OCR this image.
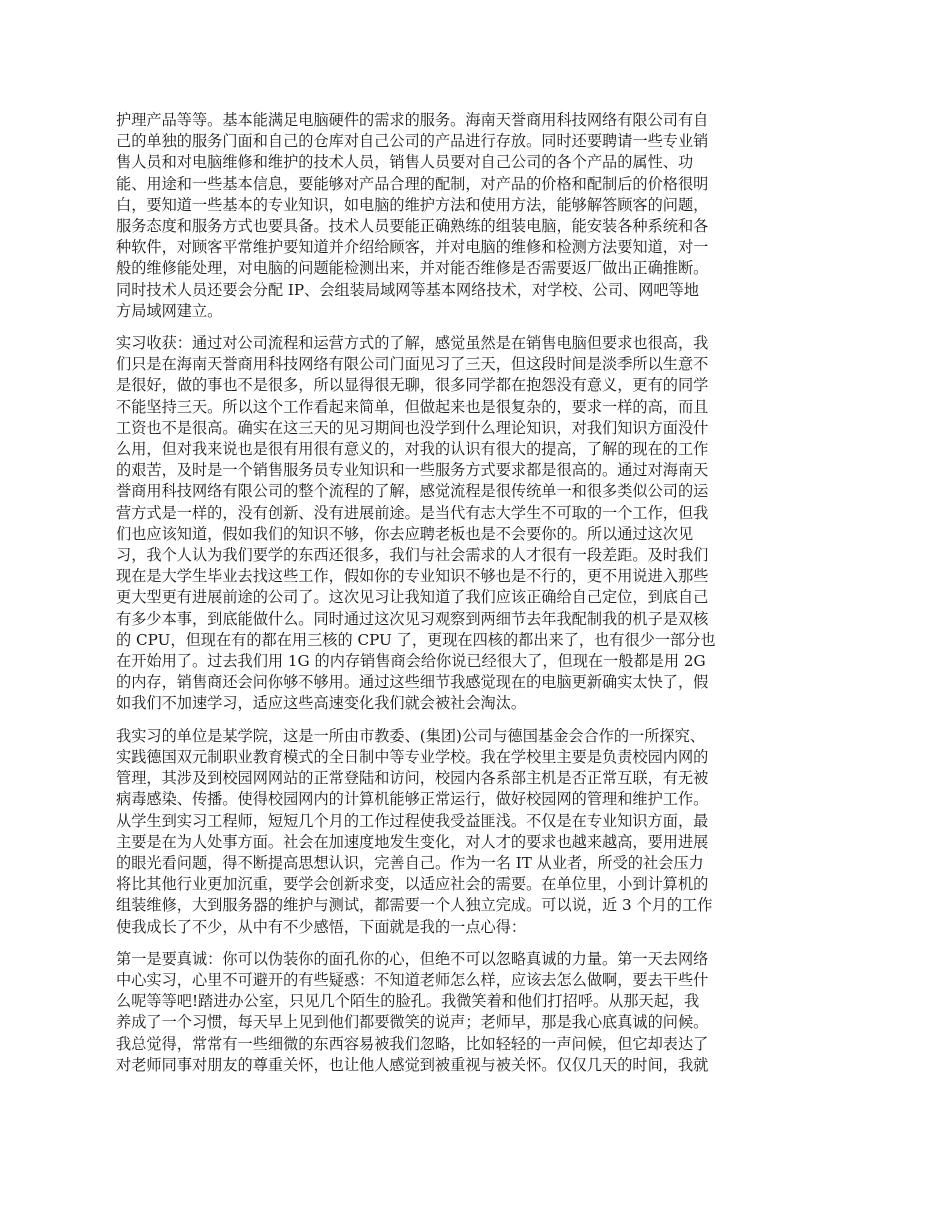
护理产品等等。基本能满足电脑硬件的需求的服务。海南天誉商用科技网络有限公司有自
己的单独的服务门面和自己的仓库对自己公司的产品进行存放。同时还要聘请一些专业销
售人员和对电脑维修和维护的技术人员，销售人员要对自己公司的各个产品的属性、功
能、用途和一些基本信息，要能够对产品合理的配制，对产品的价格和配制后的价格很明
白，要知道一些基本的专业知识，如电脑的维护方法和使用方法，能够解答顾客的问题，
服务态度和服务方式也要具备。技术人员要能正确熟练的组装电脑，能安装各种系统和各
种软件，对顾客平常维护要知道并介绍给顾客，并对电脑的维修和检测方法要知道，对一
般的维修能处理，对电脑的问题能检测出来，并对能否维修是否需要返厂做出正确推断。
同时技术人员还要会分配 IP、会组装局域网等基本网络技术，对学校、公司、网吧等地
方局域网建立。
实习收获：通过对公司流程和运营方式的了解，感觉虽然是在销售电脑但要求也很高，我
们只是在海南天誉商用科技网络有限公司门面见习了三天，但这段时间是淡季所以生意不
是很好，做的事也不是很多，所以显得很无聊，很多同学都在抱怨没有意义，更有的同学
不能坚持三天。所以这个工作看起来简单，但做起来也是很复杂的，要求一样的高，而且
工资也不是很高。确实在这三天的见习期间也没学到什么理论知识，对我们知识方面没什
么用，但对我来说也是很有用很有意义的，对我的认识有很大的提高，了解的现在的工作
的艰苦，及时是一个销售服务员专业知识和一些服务方式要求都是很高的。通过对海南天
誉商用科技网络有限公司的整个流程的了解，感觉流程是很传统单一和很多类似公司的运
营方式是一样的，没有创新、没有进展前途。是当代有志大学生不可取的一个工作，但我
们也应该知道，假如我们的知识不够，你去应聘老板也是不会要你的。所以通过这次见
习，我个人认为我们要学的东西还很多，我们与社会需求的人才很有一段差距。及时我们
现在是大学生毕业去找这些工作，假如你的专业知识不够也是不行的，更不用说进入那些
更大型更有进展前途的公司了。这次见习让我知道了我们应该正确给自己定位，到底自己
有多少本事，到底能做什么。同时通过这次见习观察到两细节去年我配制我的机子是双核
的 CPU，但现在有的都在用三核的 CPU 了，更现在四核的都出来了，也有很少一部分也
在开始用了。过去我们用 1G 的内存销售商会给你说已经很大了，但现在一般都是用 2G
的内存，销售商还会问你够不够用。通过这些细节我感觉现在的电脑更新确实太快了，假
如我们不加速学习，适应这些高速变化我们就会被社会淘汰。
我实习的单位是某学院，这是一所由市教委、(集团)公司与德国基金会合作的一所探究、
实践德国双元制职业教育模式的全日制中等专业学校。我在学校里主要是负责校园内网的
管理，其涉及到校园网网站的正常登陆和访问，校园内各系部主机是否正常互联，有无被
病毒感染、传播。使得校园网内的计算机能够正常运行，做好校园网的管理和维护工作。
从学生到实习工程师，短短几个月的工作过程使我受益匪浅。不仅是在专业知识方面，最
主要是在为人处事方面。社会在加速度地发生变化，对人才的要求也越来越高，要用进展
的眼光看问题，得不断提高思想认识，完善自己。作为一名 IT 从业者，所受的社会压力
将比其他行业更加沉重，要学会创新求变，以适应社会的需要。在单位里，小到计算机的
组装维修，大到服务器的维护与测试，都需要一个人独立完成。可以说，近 3 个月的工作
使我成长了不少，从中有不少感悟，下面就是我的一点心得：
第一是要真诚：你可以伪装你的面孔你的心，但绝不可以忽略真诚的力量。第一天去网络
中心实习，心里不可避开的有些疑惑：不知道老师怎么样，应该去怎么做啊，要去干些什
么呢等等吧!踏进办公室，只见几个陌生的脸孔。我微笑着和他们打招呼。从那天起，我
养成了一个习惯，每天早上见到他们都要微笑的说声；老师早，那是我心底真诚的问候。
我总觉得，常常有一些细微的东西容易被我们忽略，比如轻轻的一声问候，但它却表达了
对老师同事对朋友的尊重关怀，也让他人感觉到被重视与被关怀。仅仅几天的时间，我就
